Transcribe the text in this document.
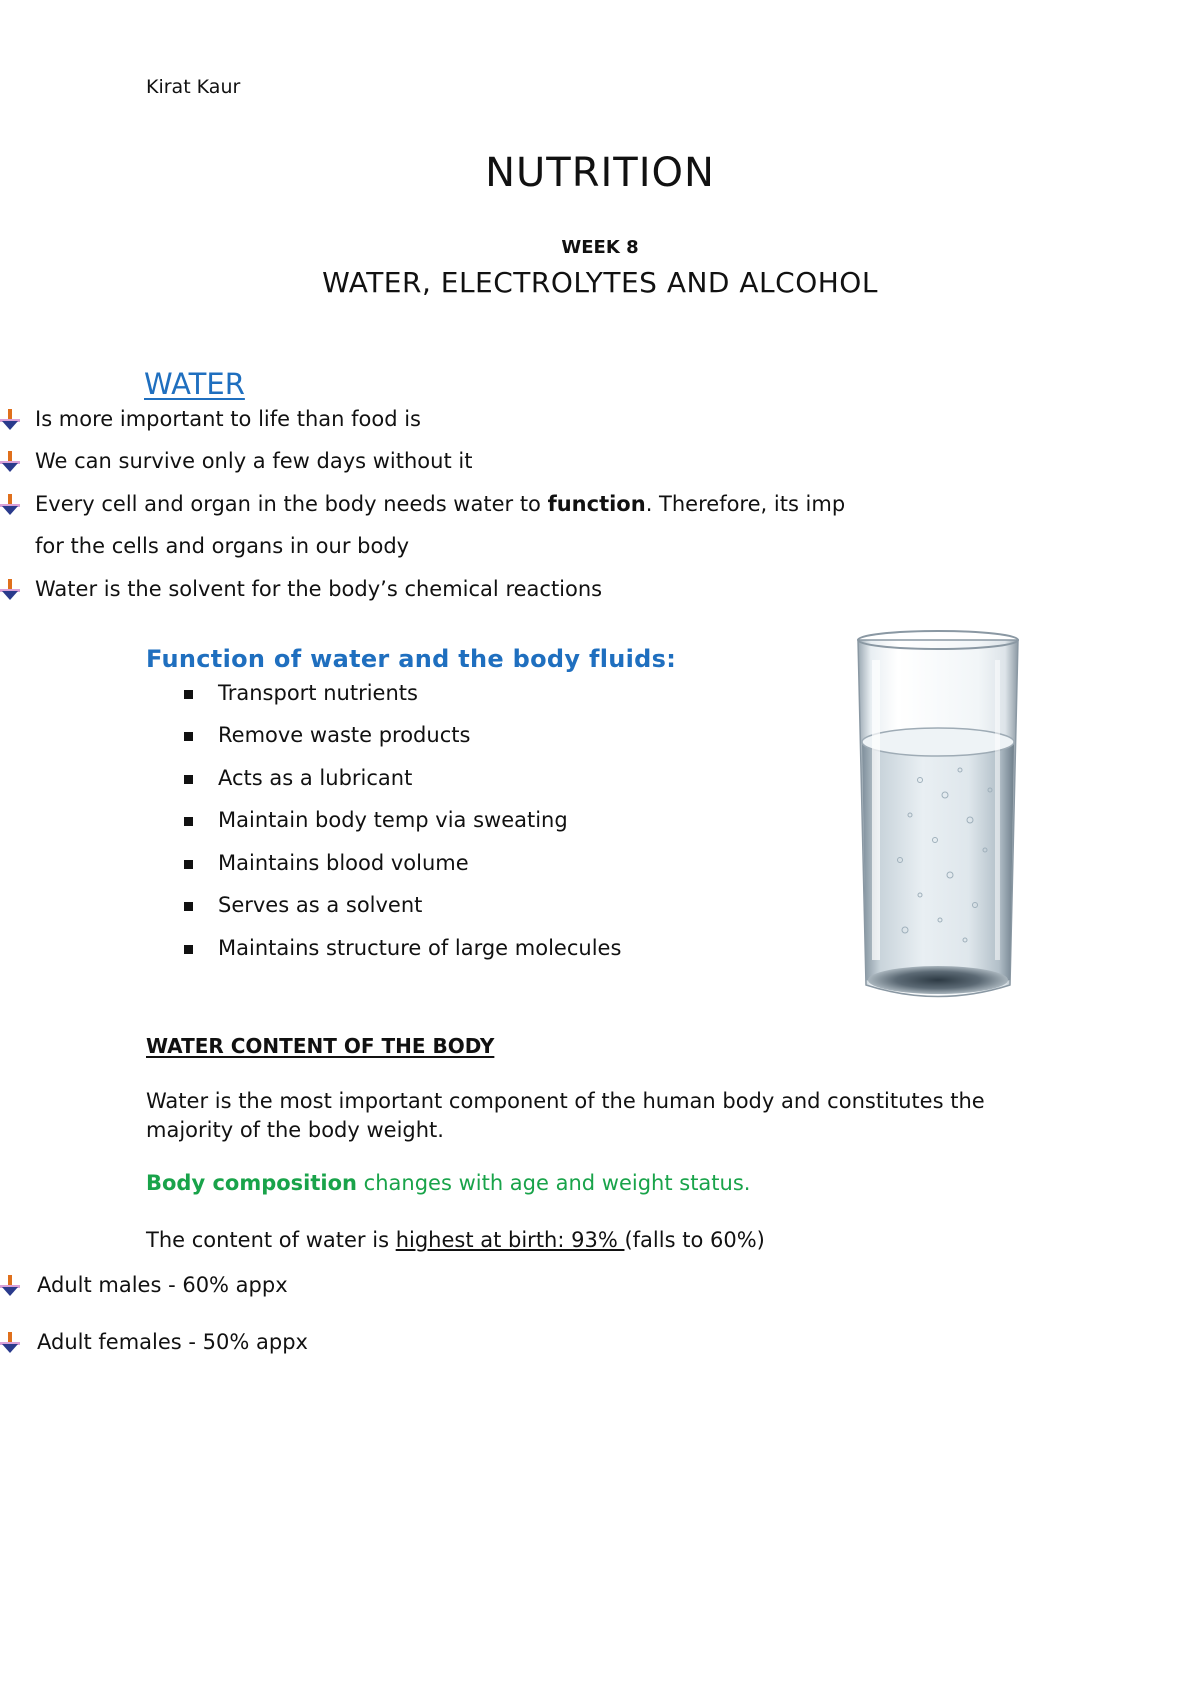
Kirat Kaur
NUTRITION
WEEK 8
WATER, ELECTROLYTES AND ALCOHOL
WATER
Is more important to life than food is
We can survive only a few days without it
Every cell and organ in the body needs water to function. Therefore, its imp
for the cells and organs in our body
Water is the solvent for the body’s chemical reactions
Function of water and the body fluids:
Transport nutrients
Remove waste products
Acts as a lubricant
Maintain body temp via sweating
Maintains blood volume
Serves as a solvent
Maintains structure of large molecules
WATER CONTENT OF THE BODY
Water is the most important component of the human body and constitutes the majority of the body weight.
Body composition changes with age and weight status.
The content of water is highest at birth: 93% (falls to 60%)
Adult males - 60% appx
Adult females - 50% appx
